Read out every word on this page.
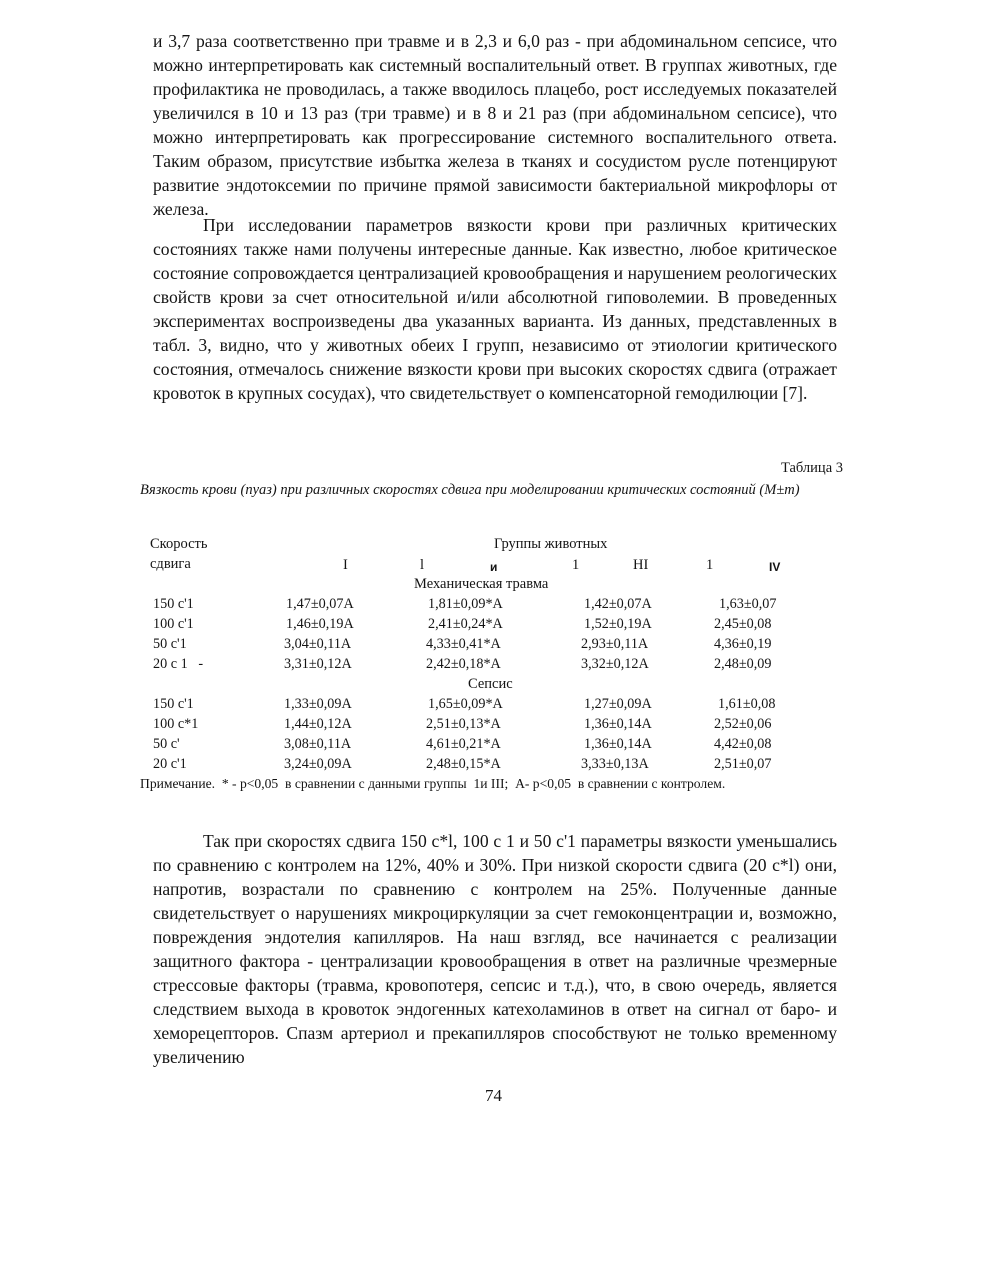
и 3,7 раза соответственно при травме и в 2,3 и 6,0 раз - при абдоминальном сепсисе, что можно интерпретировать как системный воспалительный ответ. В группах животных, где профилактика не проводилась, а также вводилось плацебо, рост исследуемых показателей увеличился в 10 и 13 раз (три травме) и в 8 и 21 раз (при абдоминальном сепсисе), что можно интерпретировать как прогрессирование системного воспалительного ответа. Таким образом, присутствие избытка железа в тканях и сосудистом русле потенцируют развитие эндотоксемии по причине прямой зависимости бактериальной микрофлоры от железа.

При исследовании параметров вязкости крови при различных критических состояниях также нами получены интересные данные. Как известно, любое критическое состояние сопровождается централизацией кровообращения и нарушением реологических свойств крови за счет относительной и/или абсолютной гиповолемии. В проведенных экспериментах воспроизведены два указанных варианта. Из данных, представленных в табл. 3, видно, что у животных обеих I групп, независимо от этиологии критического состояния, отмечалось снижение вязкости крови при высоких скоростях сдвига (отражает кровоток в крупных сосудах), что свидетельствует о компенсаторной гемодилюции [7].

Таблица 3

Вязкость крови (пуаз) при различных скоростях сдвига при моделировании критических состояний (М±m)

Скорость
сдвига
Группы животных
I	l	и	1	HI	1	IV
Механическая травма
150 с'1	1,47±0,07А	1,81±0,09*А	1,42±0,07А	1,63±0,07
100 с'1	1,46±0,19А	2,41±0,24*А	1,52±0,19А	2,45±0,08
50 с'1	3,04±0,11А	4,33±0,41*А	2,93±0,11А	4,36±0,19
20 с 1   -	3,31±0,12А	2,42±0,18*А	3,32±0,12А	2,48±0,09
Сепсис
150 с'1	1,33±0,09А	1,65±0,09*А	1,27±0,09А	1,61±0,08
100 с*1	1,44±0,12А	2,51±0,13*А	1,36±0,14А	2,52±0,06
50 с'	3,08±0,11А	4,61±0,21*А	1,36±0,14А	4,42±0,08
20 с'1	3,24±0,09А	2,48±0,15*А	3,33±0,13А	2,51±0,07
Примечание.  * - р<0,05  в сравнении с данными группы  1и III;  А- р<0,05  в сравнении с контролем.

Так при скоростях сдвига 150 с*l, 100 с 1 и 50 с'1 параметры вязкости уменьшались по сравнению с контролем на 12%, 40% и 30%. При низкой скорости сдвига (20 с*l) они, напротив, возрастали по сравнению с контролем на 25%. Полученные данные свидетельствует о нарушениях микроциркуляции за счет гемоконцентрации и, возможно, повреждения эндотелия капилляров. На наш взгляд, все начинается с реализации защитного фактора - централизации кровообращения в ответ на различные чрезмерные стрессовые факторы (травма, кровопотеря, сепсис и т.д.), что, в свою очередь, является следствием выхода в кровоток эндогенных катехоламинов в ответ на сигнал от баро- и хеморецепторов. Спазм артериол и прекапилляров способствуют не только временному увеличению

74
